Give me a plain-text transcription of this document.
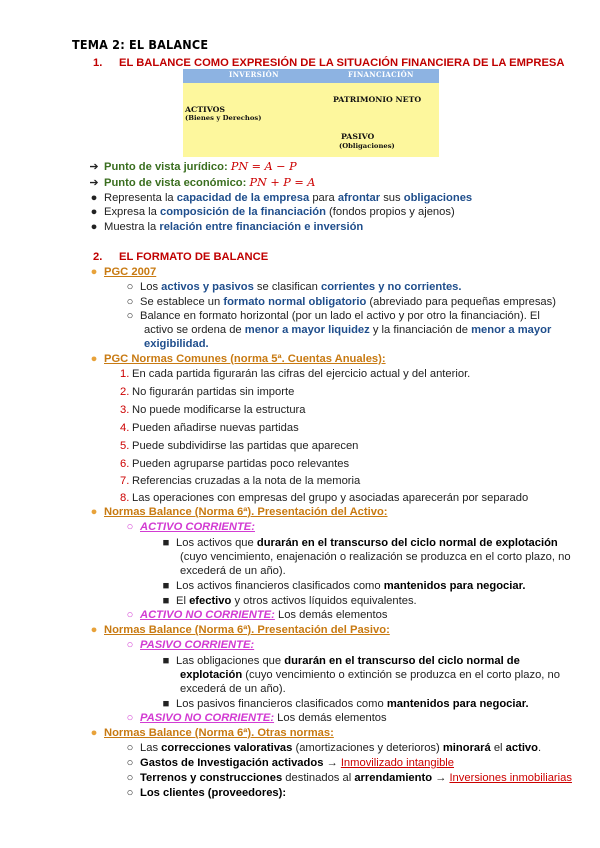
TEMA 2: EL BALANCE
1. EL BALANCE COMO EXPRESIÓN DE LA SITUACIÓN FINANCIERA DE LA EMPRESA
INVERSIÓN	FINANCIACIÓN
PATRIMONIO NETO
ACTIVOS
(Bienes y Derechos)
PASIVO
(Obligaciones)
➔ Punto de vista jurídico: PN = A − P
➔ Punto de vista económico: PN + P = A
● Representa la capacidad de la empresa para afrontar sus obligaciones
● Expresa la composición de la financiación (fondos propios y ajenos)
● Muestra la relación entre financiación e inversión
2. EL FORMATO DE BALANCE
● PGC 2007
○ Los activos y pasivos se clasifican corrientes y no corrientes.
○ Se establece un formato normal obligatorio (abreviado para pequeñas empresas)
○ Balance en formato horizontal (por un lado el activo y por otro la financiación). El
activo se ordena de menor a mayor liquidez y la financiación de menor a mayor
exigibilidad.
● PGC Normas Comunes (norma 5ª. Cuentas Anuales):
1. En cada partida figurarán las cifras del ejercicio actual y del anterior.
2. No figurarán partidas sin importe
3. No puede modificarse la estructura
4. Pueden añadirse nuevas partidas
5. Puede subdividirse las partidas que aparecen
6. Pueden agruparse partidas poco relevantes
7. Referencias cruzadas a la nota de la memoria
8. Las operaciones con empresas del grupo y asociadas aparecerán por separado
● Normas Balance (Norma 6ª). Presentación del Activo:
○ ACTIVO CORRIENTE:
■ Los activos que durarán en el transcurso del ciclo normal de explotación
(cuyo vencimiento, enajenación o realización se produzca en el corto plazo, no
excederá de un año).
■ Los activos financieros clasificados como mantenidos para negociar.
■ El efectivo y otros activos líquidos equivalentes.
○ ACTIVO NO CORRIENTE: Los demás elementos
● Normas Balance (Norma 6ª). Presentación del Pasivo:
○ PASIVO CORRIENTE:
■ Las obligaciones que durarán en el transcurso del ciclo normal de
explotación (cuyo vencimiento o extinción se produzca en el corto plazo, no
excederá de un año).
■ Los pasivos financieros clasificados como mantenidos para negociar.
○ PASIVO NO CORRIENTE: Los demás elementos
● Normas Balance (Norma 6ª). Otras normas:
○ Las correcciones valorativas (amortizaciones y deterioros) minorará el activo.
○ Gastos de Investigación activados → Inmovilizado intangible
○ Terrenos y construcciones destinados al arrendamiento → Inversiones inmobiliarias
○ Los clientes (proveedores):
